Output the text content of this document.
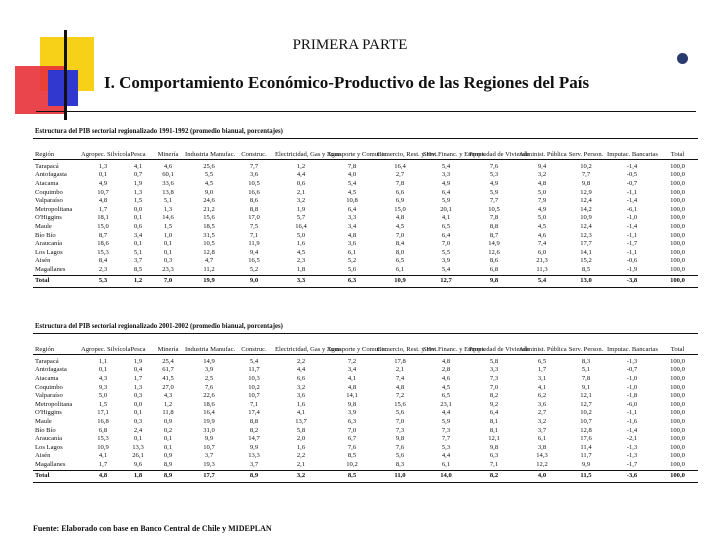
PRIMERA PARTE
I. Comportamiento Económico-Productivo de las Regiones del País
Estructura del PIB sectorial regionalizado 1991-1992 (promedio bianual, porcentajes)
Región	Agropec. Silvícola	Pesca	Minería	Industria Manufac.	Construc.	Electricidad, Gas y Agua	Transporte y Comunic.	Comercio, Rest. y Hot.	Serv. Financ. y Empres.	Propiedad de Vivienda	Administ. Pública	Serv. Person.	Imputac. Bancarias	Total
Tarapacá	1,3	4,1	4,6	25,6	7,7	1,2	7,8	16,4	5,4	7,6	9,4	10,2	-1,4	100,0
Antofagasta	0,1	0,7	60,1	5,5	3,6	4,4	4,0	2,7	3,3	5,3	3,2	7,7	-0,5	100,0
Atacama	4,9	1,9	33,6	4,5	10,5	0,6	5,4	7,8	4,9	4,9	4,8	9,8	-0,7	100,0
Coquimbo	10,7	1,3	13,8	9,0	16,6	2,1	4,5	6,6	6,4	5,9	5,0	12,9	-1,1	100,0
Valparaíso	4,8	1,5	5,1	24,6	8,6	3,2	10,8	6,9	5,9	7,7	7,9	12,4	-1,4	100,0
Metropolitana	1,7	0,0	1,3	21,2	8,8	1,9	6,4	15,0	20,1	10,5	4,9	14,2	-6,1	100,0
O'Higgins	18,1	0,1	14,6	15,6	17,0	5,7	3,3	4,8	4,1	7,8	5,0	10,9	-1,0	100,0
Maule	15,0	0,6	1,5	18,5	7,5	16,4	3,4	4,5	6,5	8,8	4,5	12,4	-1,4	100,0
Bío Bío	8,7	3,4	1,0	31,5	7,1	5,0	4,8	7,0	6,4	8,7	4,6	12,3	-1,1	100,0
Araucanía	18,6	0,1	0,1	10,5	11,9	1,6	3,6	8,4	7,0	14,9	7,4	17,7	-1,7	100,0
Los Lagos	15,3	5,1	0,1	12,8	9,4	4,5	6,1	8,0	5,5	12,6	6,0	14,1	-1,1	100,0
Aisén	8,4	3,7	0,3	4,7	16,5	2,3	5,2	6,5	3,9	8,6	21,3	15,2	-0,6	100,0
Magallanes	2,3	8,5	23,3	11,2	5,2	1,8	5,6	6,1	5,4	6,8	11,3	8,5	-1,9	100,0
Total	5,3	1,2	7,0	19,9	9,0	3,3	6,3	10,9	12,7	9,8	5,4	13,0	-3,8	100,0
Estructura del PIB sectorial regionalizado 2001-2002 (promedio bianual, porcentajes)
Región	Agropec. Silvícola	Pesca	Minería	Industria Manufac.	Construc.	Electricidad, Gas y Agua	Transporte y Comunic.	Comercio, Rest. y Hot.	Serv. Financ. y Empres.	Propiedad de Vivienda	Administ. Pública	Serv. Person.	Imputac. Bancarias	Total
Tarapacá	1,1	1,9	25,4	14,9	5,4	2,2	7,2	17,8	4,8	5,8	6,5	8,3	-1,3	100,0
Antofagasta	0,1	0,4	61,7	3,9	11,7	4,4	3,4	2,1	2,8	3,3	1,7	5,1	-0,7	100,0
Atacama	4,3	1,7	41,5	2,5	10,3	6,6	4,1	7,4	4,6	7,3	3,1	7,8	-1,0	100,0
Coquimbo	9,3	1,3	27,0	7,6	10,2	3,2	4,8	4,8	4,5	7,0	4,1	9,1	-1,0	100,0
Valparaíso	5,0	0,3	4,3	22,6	10,7	3,6	14,1	7,2	6,5	8,2	6,2	12,1	-1,8	100,0
Metropolitana	1,5	0,0	1,2	18,6	7,1	1,6	9,8	15,6	23,1	9,2	3,6	12,7	-6,0	100,0
O'Higgins	17,1	0,1	11,8	16,4	17,4	4,1	3,9	5,6	4,4	6,4	2,7	10,2	-1,1	100,0
Maule	16,8	0,3	0,9	19,9	8,8	13,7	6,3	7,0	5,9	8,1	3,2	10,7	-1,6	100,0
Bío Bío	6,8	2,4	0,2	31,0	8,2	5,8	7,0	7,3	7,3	8,1	3,7	12,8	-1,4	100,0
Araucanía	15,3	0,1	0,1	9,9	14,7	2,0	6,7	9,8	7,7	12,1	6,1	17,6	-2,1	100,0
Los Lagos	10,9	13,3	0,1	10,7	9,9	1,6	7,6	7,6	5,3	9,8	3,8	11,4	-1,3	100,0
Aisén	4,1	26,1	0,9	3,7	13,3	2,2	8,5	5,6	4,4	6,3	14,3	11,7	-1,3	100,0
Magallanes	1,7	9,6	8,9	19,3	3,7	2,1	10,2	8,3	6,1	7,1	12,2	9,9	-1,7	100,0
Total	4,8	1,8	8,9	17,7	8,9	3,2	8,5	11,0	14,0	8,2	4,0	11,5	-3,6	100,0
Fuente: Elaborado con base en Banco Central de Chile y MIDEPLAN
